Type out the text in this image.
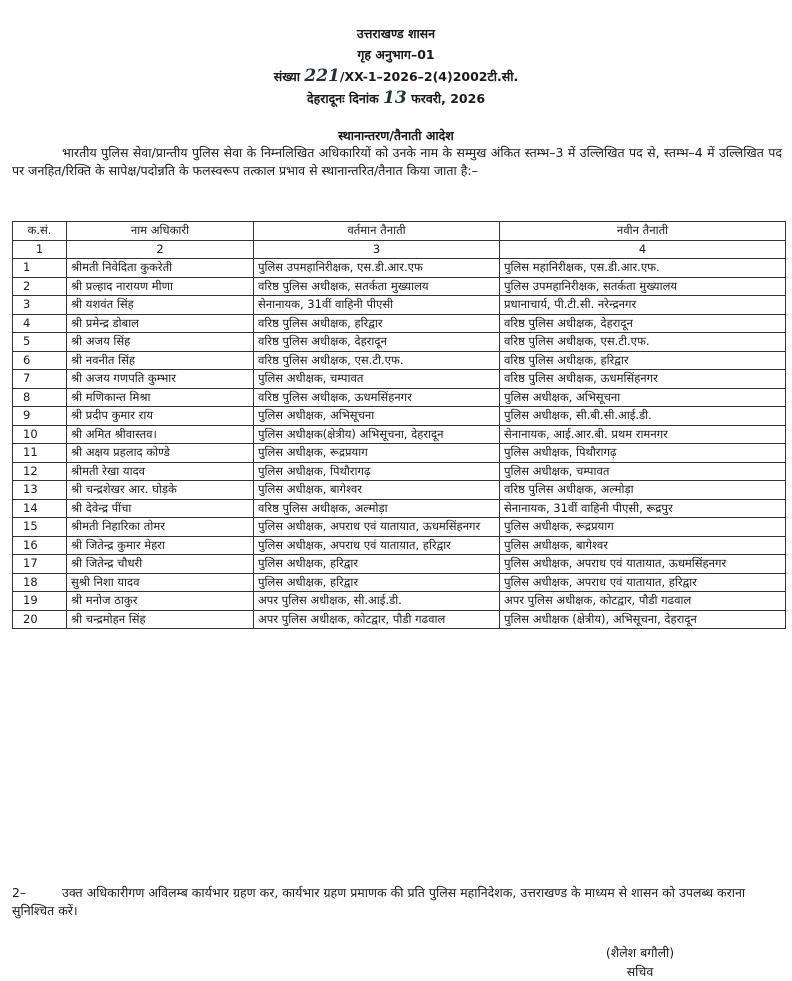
उत्तराखण्ड शासन
गृह अनुभाग–01
संख्या 221/XX-1–2026–2(4)2002टी.सी.
देहरादूनः दिनांक 13 फरवरी, 2026
स्थानान्तरण/तैनाती आदेश
भारतीय पुलिस सेवा/प्रान्तीय पुलिस सेवा के निम्नलिखित अधिकारियों को उनके नाम के सम्मुख अंकित स्तम्भ–3 में उल्लिखित पद से, स्तम्भ–4 में उल्लिखित पद पर जनहित/रिक्ति के सापेक्ष/पदोन्नति के फलस्वरूप तत्काल प्रभाव से स्थानान्तरित/तैनात किया जाता है:–
क.सं.	नाम अधिकारी	वर्तमान तैनाती	नवीन तैनाती
1	2	3	4
1	श्रीमती निवेदिता कुकरेती	पुलिस उपमहानिरीक्षक, एस.डी.आर.एफ	पुलिस महानिरीक्षक, एस.डी.आर.एफ.
2	श्री प्रल्हाद नारायण मीणा	वरिष्ठ पुलिस अधीक्षक, सतर्कता मुख्यालय	पुलिस उपमहानिरीक्षक, सतर्कता मुख्यालय
3	श्री यशवंत सिंह	सेनानायक, 31वीं वाहिनी पीएसी	प्रधानाचार्य, पी.टी.सी. नरेन्द्रनगर
4	श्री प्रमेन्द्र डोबाल	वरिष्ठ पुलिस अधीक्षक, हरिद्वार	वरिष्ठ पुलिस अधीक्षक, देहरादून
5	श्री अजय सिंह	वरिष्ठ पुलिस अधीक्षक, देहरादून	वरिष्ठ पुलिस अधीक्षक, एस.टी.एफ.
6	श्री नवनीत सिंह	वरिष्ठ पुलिस अधीक्षक, एस.टी.एफ.	वरिष्ठ पुलिस अधीक्षक, हरिद्वार
7	श्री अजय गणपति कुम्भार	पुलिस अधीक्षक, चम्पावत	वरिष्ठ पुलिस अधीक्षक, ऊधमसिंहनगर
8	श्री मणिकान्त मिश्रा	वरिष्ठ पुलिस अधीक्षक, ऊधमसिंहनगर	पुलिस अधीक्षक, अभिसूचना
9	श्री प्रदीप कुमार राय	पुलिस अधीक्षक, अभिसूचना	पुलिस अधीक्षक, सी.बी.सी.आई.डी.
10	श्री अमित श्रीवास्तव।	पुलिस अधीक्षक(क्षेत्रीय) अभिसूचना, देहरादून	सेनानायक, आई.आर.बी. प्रथम रामनगर
11	श्री अक्षय प्रहलाद कोण्डे	पुलिस अधीक्षक, रूद्रप्रयाग	पुलिस अधीक्षक, पिथौरागढ़
12	श्रीमती रेखा यादव	पुलिस अधीक्षक, पिथौरागढ़	पुलिस अधीक्षक, चम्पावत
13	श्री चन्द्रशेखर आर. घोड़के	पुलिस अधीक्षक, बागेश्वर	वरिष्ठ पुलिस अधीक्षक, अल्मोड़ा
14	श्री देवेन्द्र पींचा	वरिष्ठ पुलिस अधीक्षक, अल्मोड़ा	सेनानायक, 31वीं वाहिनी पीएसी, रूद्रपुर
15	श्रीमती निहारिका तोमर	पुलिस अधीक्षक, अपराध एवं यातायात, ऊधमसिंहनगर	पुलिस अधीक्षक, रूद्रप्रयाग
16	श्री जितेन्द्र कुमार मेहरा	पुलिस अधीक्षक, अपराध एवं यातायात, हरिद्वार	पुलिस अधीक्षक, बागेश्वर
17	श्री जितेन्द्र चौधरी	पुलिस अधीक्षक, हरिद्वार	पुलिस अधीक्षक, अपराध एवं यातायात, ऊधमसिंहनगर
18	सुश्री निशा यादव	पुलिस अधीक्षक, हरिद्वार	पुलिस अधीक्षक, अपराध एवं यातायात, हरिद्वार
19	श्री मनोज ठाकुर	अपर पुलिस अधीक्षक, सी.आई.डी.	अपर पुलिस अधीक्षक, कोटद्वार, पौडी गढवाल
20	श्री चन्द्रमोहन सिंह	अपर पुलिस अधीक्षक, कोटद्वार, पौडी गढवाल	पुलिस अधीक्षक (क्षेत्रीय), अभिसूचना, देहरादून
2–	उक्त अधिकारीगण अविलम्ब कार्यभार ग्रहण कर, कार्यभार ग्रहण प्रमाणक की प्रति पुलिस महानिदेशक, उत्तराखण्ड के माध्यम से शासन को उपलब्ध कराना सुनिश्चित करें।
(शैलेश बगौली)
सचिव
